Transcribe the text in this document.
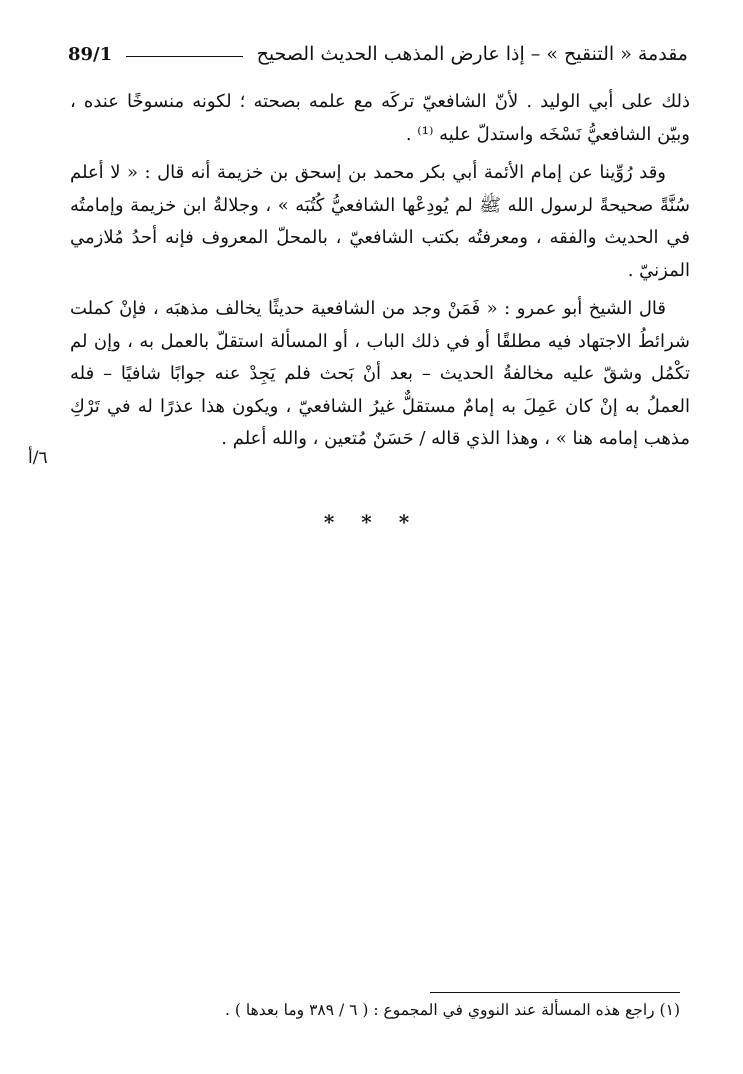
مقدمة « التنقيح » – إذا عارض المذهب الحديث الصحيح
89/1

ذلك على أبي الوليد . لأنّ الشافعيّ تركَه مع علمه بصحته ؛ لكونه منسوخًا عنده ، وبيّن الشافعيُّ نَسْخَه واستدلّ عليه ⁽¹⁾ .

وقد رُوِّينا عن إمام الأئمة أبي بكر محمد بن إسحق بن خزيمة أنه قال : « لا أعلم سُنَّةً صحيحةً لرسول الله ﷺ لم يُودِعْها الشافعيُّ كُتُبَه » ، وجلالةُ ابن خزيمة وإمامتُه في الحديث والفقه ، ومعرفتُه بكتب الشافعيّ ، بالمحلّ المعروف فإنه أحدُ مُلازمي المزنيّ .

قال الشيخ أبو عمرو : « فَمَنْ وجد من الشافعية حديثًا يخالف مذهبَه ، فإنْ كملت شرائطُ الاجتهاد فيه مطلقًا أو في ذلك الباب ، أو المسألة استقلّ بالعمل به ، وإن لم تكْمُل وشقّ عليه مخالفةُ الحديث – بعد أنْ بَحث فلم يَجِدْ عنه جوابًا شافيًا – فله العملُ به إنْ كان عَمِلَ به إمامٌ مستقلٌّ غيرُ الشافعيّ ، ويكون هذا عذرًا له في تَرْكِ مذهب إمامه هنا » ، وهذا الذي قاله / حَسَنٌ مُتعين ، والله أعلم .

٦/أ
* * *
(١) راجع هذه المسألة عند النووي في المجموع : ( ٦ / ٣٨٩ وما بعدها ) .
